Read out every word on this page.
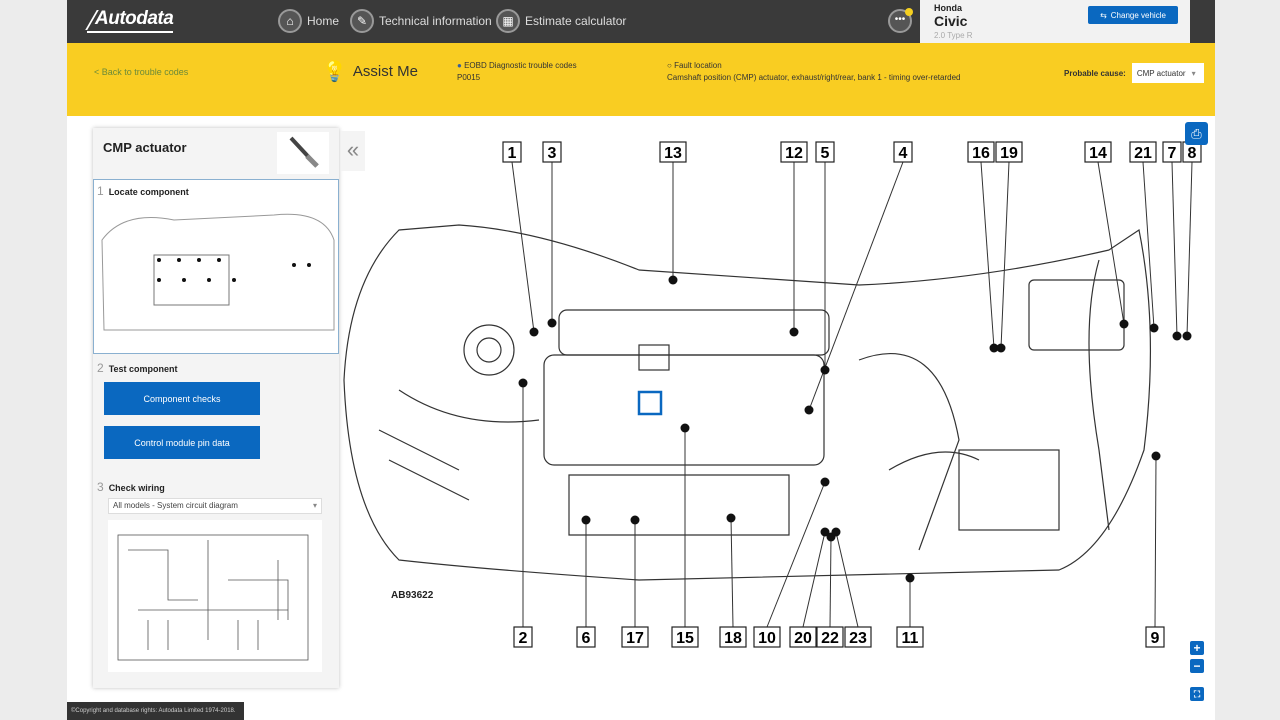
Autodata	⌂	Home	✎ Technical information ▦ Estimate calculator	•••
Honda
Civic
2.0 Type R
⇆ Change vehicle
< Back to trouble codes	💡 Assist Me	● EOBD Diagnostic trouble codes
P0015
○ Fault location
Camshaft position (CMP) actuator, exhaust/right/rear, bank 1 - timing over-retarded	Probable cause: CMP actuator ▾
CMP actuator
1 Locate component
2 Test component
Component checks
Control module pin data
3 Check wiring
All models - System circuit diagram ▾
«
AB93622
1 3	13	12 5	4	16 19	14 21 7 8
2	6 17 15 18 10 20 22 23 11	9
⎙
+
−
⛶
©Copyright and database rights: Autodata Limited 1974-2018.
